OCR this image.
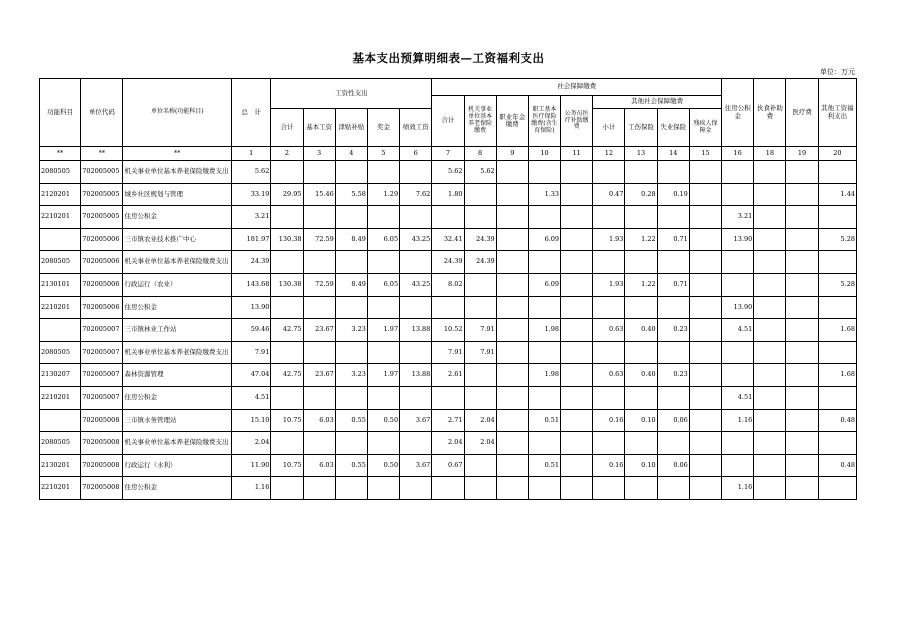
基本支出预算明细表—工资福利支出
单位：万元
功能科目	单位代码	单位名称(功能科目)	总　计	工资性支出					社会保障缴费									住房公积金	伙食补助费	医疗费	其他工资福利支出
									合计	机关事业单位基本养老保险缴费	职业年金缴费	职工基本医疗保险缴费(含生育保险)	公务员医疗补助缴费	其他社会保障缴费							
				合计	基本工资	津贴补贴	奖金	绩效工资						小计	工伤保险	失业保险	残疾人保障金				
**	**	**	1	2	3	4	5	6	7	8	9	10	11	12	13	14	15	16	18	19	20
2080505	702005005	机关事业单位基本养老保险缴费支出	5.62						5.62	5.62											
2120201	702005005	城乡社区规划与管理	33.19	29.95	15.46	5.58	1.29	7.62	1.80			1.33		0.47	0.28	0.19					1.44
2210201	702005005	住房公积金	3.21															3.21			
	702005006	三市镇农业技术推广中心	181.97	130.38	72.59	8.49	6.05	43.25	32.41	24.39		6.09		1.93	1.22	0.71		13.90			5.28
2080505	702005006	机关事业单位基本养老保险缴费支出	24.39						24.39	24.39											
2130101	702005006	行政运行（农业）	143.68	130.38	72.59	8.49	6.05	43.25	8.02			6.09		1.93	1.22	0.71					5.28
2210201	702005006	住房公积金	13.90															13.90			
	702005007	三市镇林业工作站	59.46	42.75	23.67	3.23	1.97	13.88	10.52	7.91		1.98		0.63	0.40	0.23		4.51			1.68
2080505	702005007	机关事业单位基本养老保险缴费支出	7.91						7.91	7.91											
2130207	702005007	森林资源管理	47.04	42.75	23.67	3.23	1.97	13.88	2.61			1.98		0.63	0.40	0.23					1.68
2210201	702005007	住房公积金	4.51															4.51			
	702005008	三市镇水务管理站	15.10	10.75	6.03	0.55	0.50	3.67	2.71	2.04		0.51		0.16	0.10	0.06		1.16			0.48
2080505	702005008	机关事业单位基本养老保险缴费支出	2.04						2.04	2.04											
2130201	702005008	行政运行（水利）	11.90	10.75	6.03	0.55	0.50	3.67	0.67			0.51		0.16	0.10	0.06					0.48
2210201	702005008	住房公积金	1.16															1.16			
